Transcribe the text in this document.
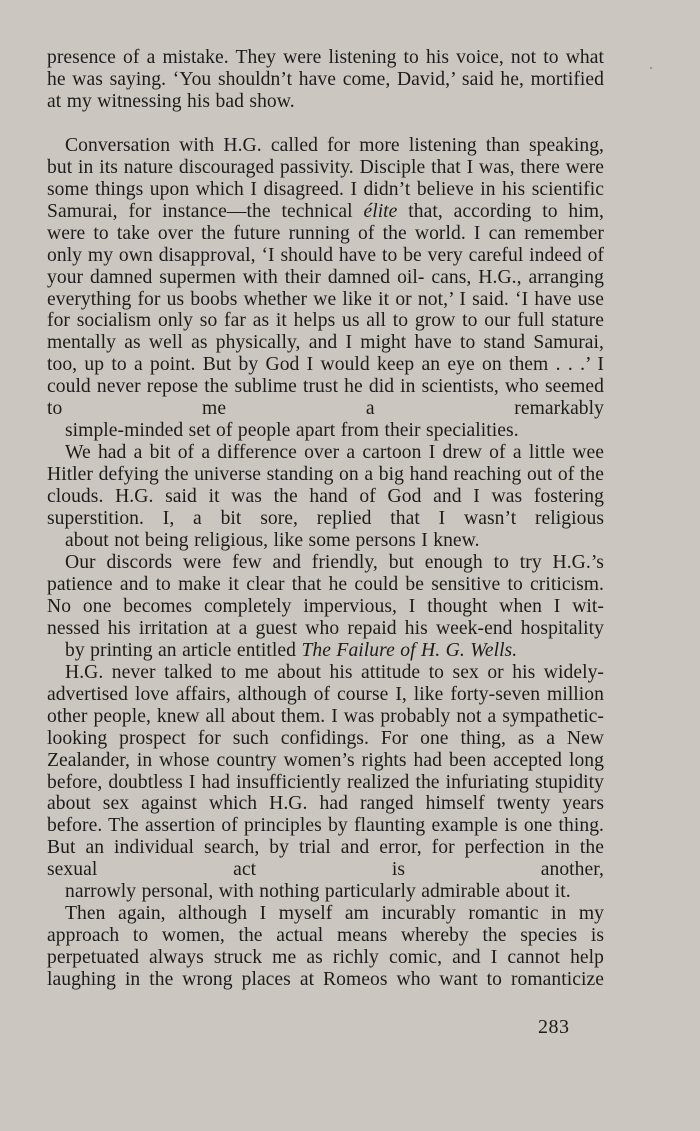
presence of a mistake. They were listening to his voice, not to what he was saying. ‘You shouldn’t have come, David,’ said he, mortified
at my witnessing his bad show.

Conversation with H.G. called for more listening than speaking, but in its nature discouraged passivity. Disciple that I was, there were some things upon which I disagreed. I didn’t believe in his scientific Samurai, for instance—the technical élite that, according to him, were to take over the future running of the world. I can remember only my own disapproval, ‘I should have to be very careful indeed of your damned supermen with their damned oil- cans, H.G., arranging everything for us boobs whether we like it or not,’ I said. ‘I have use for socialism only so far as it helps us all to grow to our full stature mentally as well as physically, and I might have to stand Samurai, too, up to a point. But by God I would keep an eye on them . . .’ I could never repose the sublime trust he did in scientists, who seemed to me a remarkably
simple-minded set of people apart from their specialities.

We had a bit of a difference over a cartoon I drew of a little wee Hitler defying the universe standing on a big hand reaching out of the clouds. H.G. said it was the hand of God and I was fostering superstition. I, a bit sore, replied that I wasn’t religious
about not being religious, like some persons I knew.

Our discords were few and friendly, but enough to try H.G.’s patience and to make it clear that he could be sensitive to criticism. No one becomes completely impervious, I thought when I wit- nessed his irritation at a guest who repaid his week-end hospitality
by printing an article entitled The Failure of H. G. Wells.

H.G. never talked to me about his attitude to sex or his widely- advertised love affairs, although of course I, like forty-seven million other people, knew all about them. I was probably not a sympathetic-looking prospect for such confidings. For one thing, as a New Zealander, in whose country women’s rights had been accepted long before, doubtless I had insufficiently realized the infuriating stupidity about sex against which H.G. had ranged himself twenty years before. The assertion of principles by flaunting example is one thing. But an individual search, by trial and error, for perfection in the sexual act is another,
narrowly personal, with nothing particularly admirable about it.

Then again, although I myself am incurably romantic in my approach to women, the actual means whereby the species is perpetuated always struck me as richly comic, and I cannot help laughing in the wrong places at Romeos who want to romanticize

283
